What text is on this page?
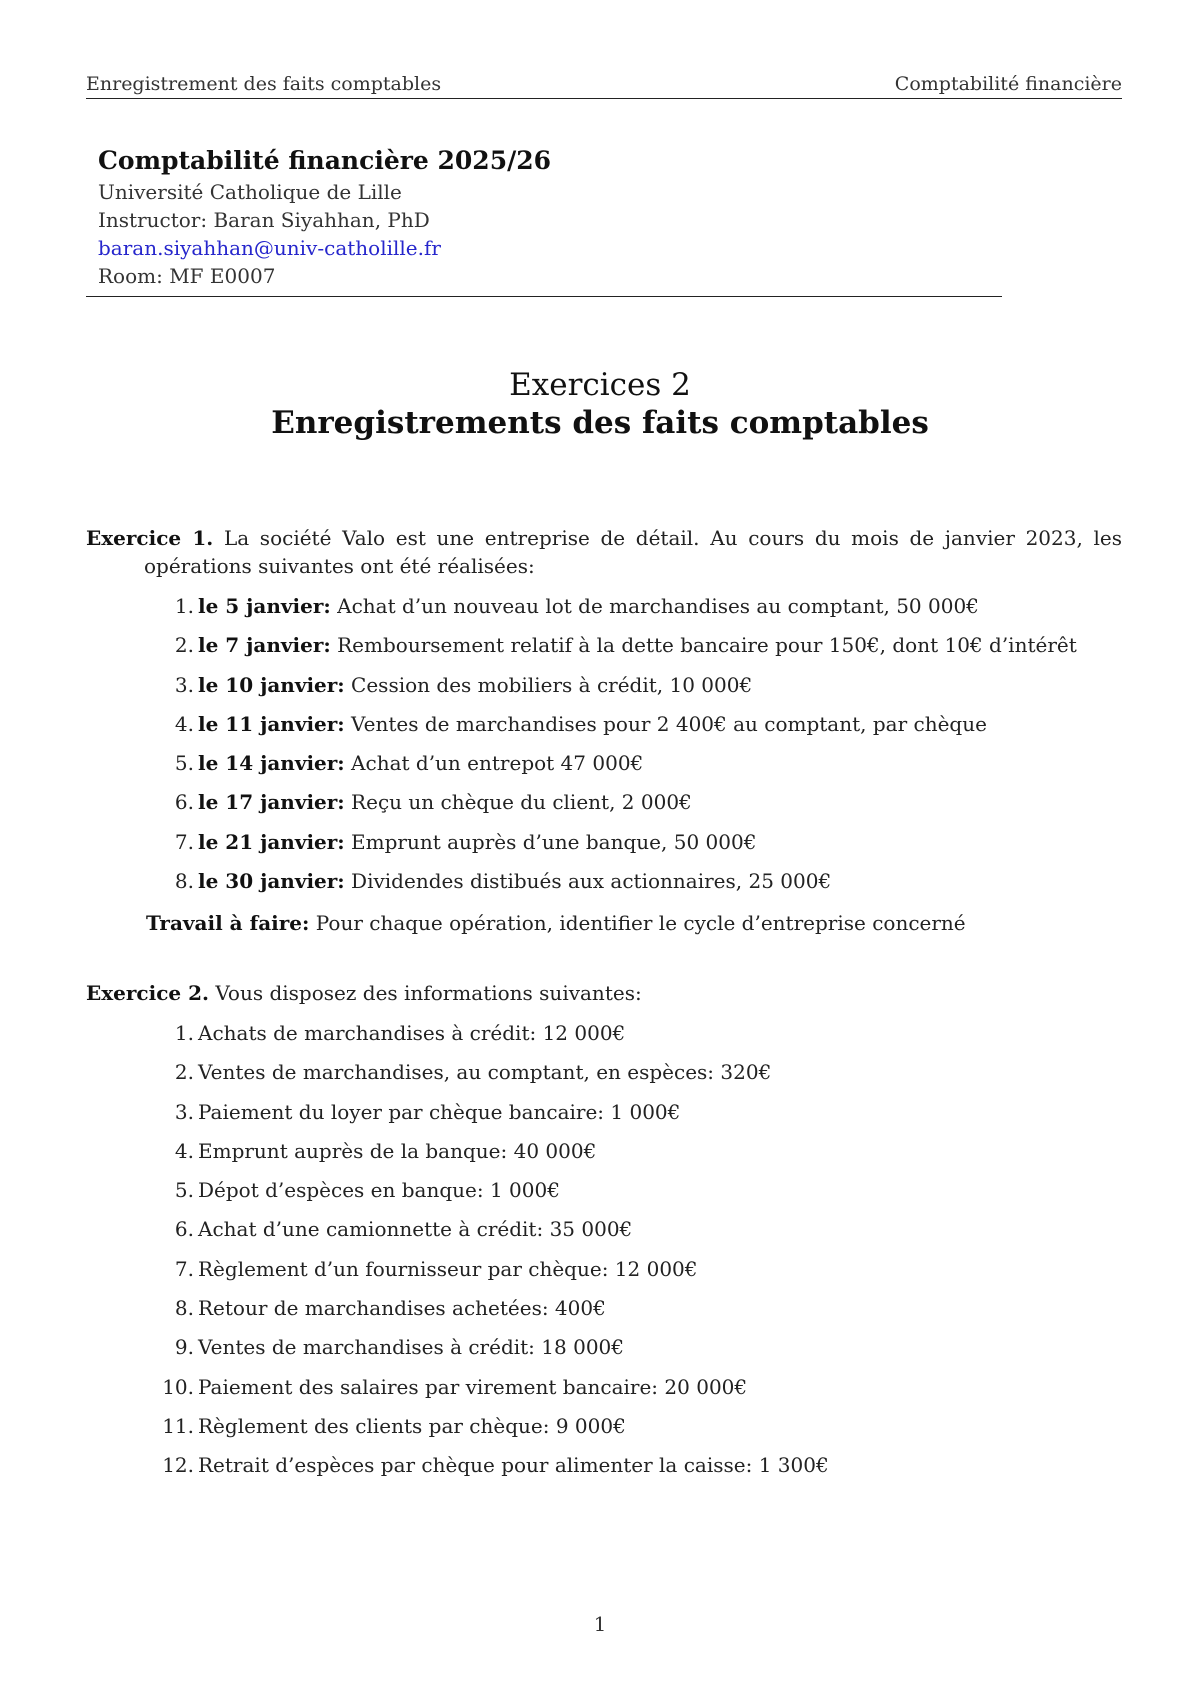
Enregistrement des faits comptables	Comptabilité financière
Comptabilité financière 2025/26
Université Catholique de Lille
Instructor: Baran Siyahhan, PhD
baran.siyahhan@univ-catholille.fr
Room: MF E0007
Exercices 2
Enregistrements des faits comptables
Exercice 1. La société Valo est une entreprise de détail. Au cours du mois de janvier 2023, les opérations suivantes ont été réalisées:
1. le 5 janvier: Achat d’un nouveau lot de marchandises au comptant, 50 000€
2. le 7 janvier: Remboursement relatif à la dette bancaire pour 150€, dont 10€ d’intérêt
3. le 10 janvier: Cession des mobiliers à crédit, 10 000€
4. le 11 janvier: Ventes de marchandises pour 2 400€ au comptant, par chèque
5. le 14 janvier: Achat d’un entrepot 47 000€
6. le 17 janvier: Reçu un chèque du client, 2 000€
7. le 21 janvier: Emprunt auprès d’une banque, 50 000€
8. le 30 janvier: Dividendes distibués aux actionnaires, 25 000€
Travail à faire: Pour chaque opération, identifier le cycle d’entreprise concerné
Exercice 2. Vous disposez des informations suivantes:
1. Achats de marchandises à crédit: 12 000€
2. Ventes de marchandises, au comptant, en espèces: 320€
3. Paiement du loyer par chèque bancaire: 1 000€
4. Emprunt auprès de la banque: 40 000€
5. Dépot d’espèces en banque: 1 000€
6. Achat d’une camionnette à crédit: 35 000€
7. Règlement d’un fournisseur par chèque: 12 000€
8. Retour de marchandises achetées: 400€
9. Ventes de marchandises à crédit: 18 000€
10. Paiement des salaires par virement bancaire: 20 000€
11. Règlement des clients par chèque: 9 000€
12. Retrait d’espèces par chèque pour alimenter la caisse: 1 300€
1
